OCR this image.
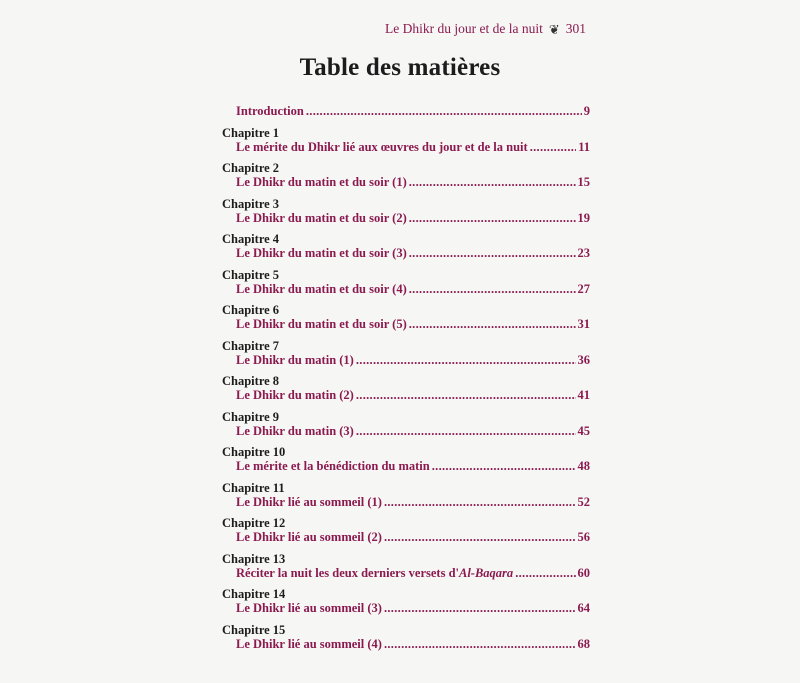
Le Dhikr du jour et de la nuit ❦ 301
Table des matières
Introduction .....	9
Chapitre 1
Le mérite du Dhikr lié aux œuvres du jour et de la nuit .....	11
Chapitre 2
Le Dhikr du matin et du soir (1) .....	15
Chapitre 3
Le Dhikr du matin et du soir (2) .....	19
Chapitre 4
Le Dhikr du matin et du soir (3) .....	23
Chapitre 5
Le Dhikr du matin et du soir (4) .....	27
Chapitre 6
Le Dhikr du matin et du soir (5) .....	31
Chapitre 7
Le Dhikr du matin (1) .....	36
Chapitre 8
Le Dhikr du matin (2) .....	41
Chapitre 9
Le Dhikr du matin (3) .....	45
Chapitre 10
Le mérite et la bénédiction du matin .....	48
Chapitre 11
Le Dhikr lié au sommeil (1) .....	52
Chapitre 12
Le Dhikr lié au sommeil (2) .....	56
Chapitre 13
Réciter la nuit les deux derniers versets d'Al-Baqara .....	60
Chapitre 14
Le Dhikr lié au sommeil (3) .....	64
Chapitre 15
Le Dhikr lié au sommeil (4) .....	68
